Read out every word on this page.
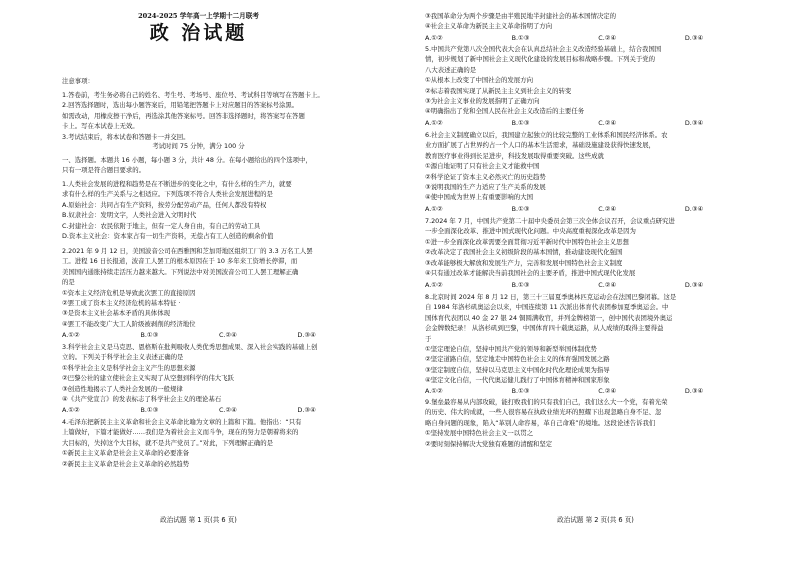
2024-2025 学年高一上学期十二月联考
政 治试题
注意事项：
1.答卷前，考生务必将自己的姓名、考生号、考场号、座位号、考试科目等填写在答题卡上。
2.回答选择题时，选出每小题答案后，用铅笔把答题卡上对应题目的答案标号涂黑。
如需改动，用橡皮擦干净后，再选涂其他答案标号。回答非选择题时，将答案写在答题
卡上。写在本试卷上无效。
3.考试结束后，将本试卷和答题卡一并交回。
考试时间 75 分钟，满分 100 分
一、选择题。本题共 16 小题，每小题 3 分，共计 48 分。在每小题给出的四个选项中，
只有一项是符合题目要求的。
1.人类社会发展的进程和趋势是在不断进步的变化之中，有什么样的生产力，就要
求有什么样的生产关系与之相适应。下列选项不符合人类社会发展进程的是
A.原始社会：共同占有生产资料，按劳分配劳动产品，任何人都没有特权
B.奴隶社会：发明文字，人类社会进入文明时代
C.封建社会：农民依附于地主，但有一定人身自由，有自己的劳动工具
D.资本主义社会：资本家占有一切生产资料，无偿占有工人创造的剩余价值
2.2021 年 9 月 12 日，美国波音公司在西雅图和芝加哥地区组织工厂的 3.3 万名工人罢
工。进程 16 日长报道，波音工人罢工的根本原因在于 10 多年来工资增长停滞，而
美国国内通胀持续走活压力越来越大。下列说法中对美国波音公司工人罢工理解正确
的是
①资本主义经济危机是导致此次罢工的直接原因
②罢工成了资本主义经济危机的基本特征 ·
③是资本主义社会基本矛盾的具体体现
④罢工不能改变广大工人阶级被剥削的经济地位
A.①②	B.①③	C.②④	D.③④
3.科学社会主义是马克思、恩格斯在批判吸收人类优秀思想成果、深入社会实践的基础上创
立的。下列关于科学社会主义表述正确的是
①科学社会主义是科学社会主义产生的思想来源
②巴黎公社的建立使社会主义实现了从空想到科学的伟大飞跃
③创造性地揭示了人类社会发展的一般规律
④《共产党宣言》的发表标志了科学社会主义的理论基石
A.①②	B.①③	C.②④	D.③④
4.毛泽东把新民主主义革命和社会主义革命比喻为文章的上篇和下篇。他指出：“只有
上篇做好，下篇才能做好……我们是为着社会主义而斗争，现在的努力是朝着将来的
大目标的，失掉这个大目标，就不是共产党员了。”对此，下列理解正确的是
①新民主主义革命是社会主义革命的必要准备
②新民主主义革命是社会主义革命的必然趋势
政治试题 第 1 页(共 6 页)
③我国革命分为两个步骤是由半殖民地半封建社会的基本国情决定的
④社会主义革命为新民主主义革命指明了方向
A.①②	B.①③	C.②④	D.③④
5.中国共产党第八次全国代表大会在认真总结社会主义改造经验基础上，结合我国国
情，初步规划了新中国社会主义现代化建设的发展目标和战略步骤。下列关于党的
八大表述正确的是
①从根本上改变了中国社会的发展方向
②标志着我国实现了从新民主主义到社会主义的转变
③为社会主义事业的发展指明了正确方向
④明确指出了党和全国人民在社会主义改造后的主要任务
A.①②	B.①③	C.②④	D.③④
6.社会主义制度确立以后，我国建立起独立的比较完整的工业体系和国民经济体系。农
业方面扩展了占世界约占一个人口的基本生活需求，基础设施建设获得快速发展，
教育医疗事业得到长足进步，科技发展取得重要突破。这些成就
①源自地证明了只有社会主义才能救中国
②科学论证了资本主义必然灭亡的历史趋势
③说明我国的生产力适应了生产关系的发展
④使中国成为世界上有重要影响的大国
A.①②	B.①③	C.②④	D.③④
7.2024 年 7 月，中国共产党第二十届中央委员会第三次全体会议召开，会议重点研究进
一步全面深化改革、推进中国式现代化问题。中央高度重视深化改革是因为
①进一步全面深化改革需要全面贯彻习近平新时代中国特色社会主义思想
②改革决定了我国社会主义初级阶段的基本国情，推动建设现代化强国
③改革能够极大解放和发展生产力，完善和发展中国特色社会主义制度
④只有通过改革才能解决当前我国社会的主要矛盾，推进中国式现代化发展
A.①②	B.①③	C.②④	D.③④
8.北京时间 2024 年 8 月 12 日，第三十三届夏季奥林匹克运动会在法国巴黎闭幕。这是
自 1984 年洛杉矶奥运会以来，中国连续第 11 次派出体育代表团参加夏季奥运会。中
国体育代表团以 40 金 27 银 24 铜圆满收官，并列金牌榜第一，创中国代表团境外奥运
会金牌数纪录！ 从洛杉矶到巴黎，中国体育四十载奥运路，从人成绩的取得主要得益
于
①坚定理论自信，坚持中国共产党的领导和新型举国体制优势
②坚定道路自信，坚定地走中国特色社会主义的体育强国发展之路
③坚定制度自信，坚持以马克思主义中国化时代化理论成果为指导
④坚定文化自信，一代代奥运健儿践行了中国体育精神和国家形象
A.①②	B.①③	C.②④	D.③④
9.堡垒最容易从内部攻破，能打败我们的只有我们自己，我们这么大一个党，有着光荣
的历史、伟大的成就，一些人很容易在执政业绩光环的照耀下出现忽略自身不足、忽
略自身问题的现象，陷入“革别人命容易，革自己命难”的境地。这段论述告诉我们
①坚持发展中国特色社会主义一以贯之
②要时刻保持解决大党独有难题的清醒和坚定
政治试题 第 2 页(共 6 页)
